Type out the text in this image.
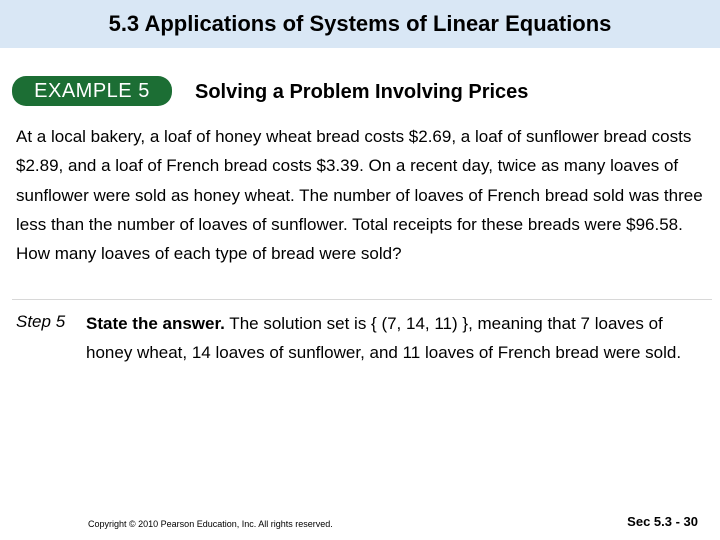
5.3 Applications of Systems of Linear Equations
EXAMPLE 5 Solving a Problem Involving Prices

At a local bakery, a loaf of honey wheat bread costs $2.69, a loaf of sunflower bread costs $2.89, and a loaf of French bread costs $3.39. On a recent day, twice as many loaves of sunflower were sold as honey wheat. The number of loaves of French bread sold was three less than the number of loaves of sunflower. Total receipts for these breads were $96.58. How many loaves of each type of bread were sold?

Step 5 State the answer. The solution set is { (7, 14, 11) }, meaning that 7 loaves of honey wheat, 14 loaves of sunflower, and 11 loaves of French bread were sold.

Copyright © 2010 Pearson Education, Inc. All rights reserved.	Sec 5.3 - 30
